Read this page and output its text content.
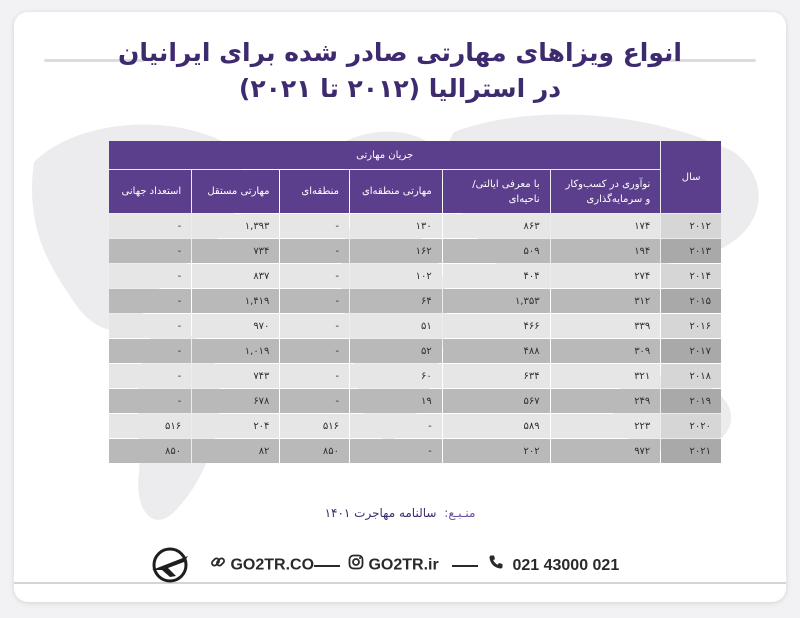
انواع ویزاهای مهارتی صادر شده برای ایرانیان
در استرالیا (۲۰۱۲ تا ۲۰۲۱)
سال	جریان مهارتی					
	نوآوری در کسب‌وکار و سرمایه‌گذاری	با معرفی ایالتی/ ناحیه‌ای	مهارتی منطقه‌ای	منطقه‌ای	مهارتی مستقل	استعداد جهانی
۲۰۱۲	۱۷۴	۸۶۳	۱۳۰	-	۱,۳۹۳	-
۲۰۱۳	۱۹۴	۵۰۹	۱۶۲	-	۷۳۴	-
۲۰۱۴	۲۷۴	۴۰۴	۱۰۲	-	۸۳۷	-
۲۰۱۵	۳۱۲	۱,۳۵۳	۶۴	-	۱,۴۱۹	-
۲۰۱۶	۳۳۹	۴۶۶	۵۱	-	۹۷۰	-
۲۰۱۷	۳۰۹	۴۸۸	۵۲	-	۱,۰۱۹	-
۲۰۱۸	۳۲۱	۶۳۴	۶۰	-	۷۴۳	-
۲۰۱۹	۲۴۹	۵۶۷	۱۹	-	۶۷۸	-
۲۰۲۰	۲۲۳	۵۸۹	-	۵۱۶	۲۰۴	۵۱۶
۲۰۲۱	۹۷۲	۲۰۲	-	۸۵۰	۸۲	۸۵۰
منـبـع: سالنامه مهاجرت ۱۴۰۱
GO2TR.CO	GO2TR.ir	021 43000 021
